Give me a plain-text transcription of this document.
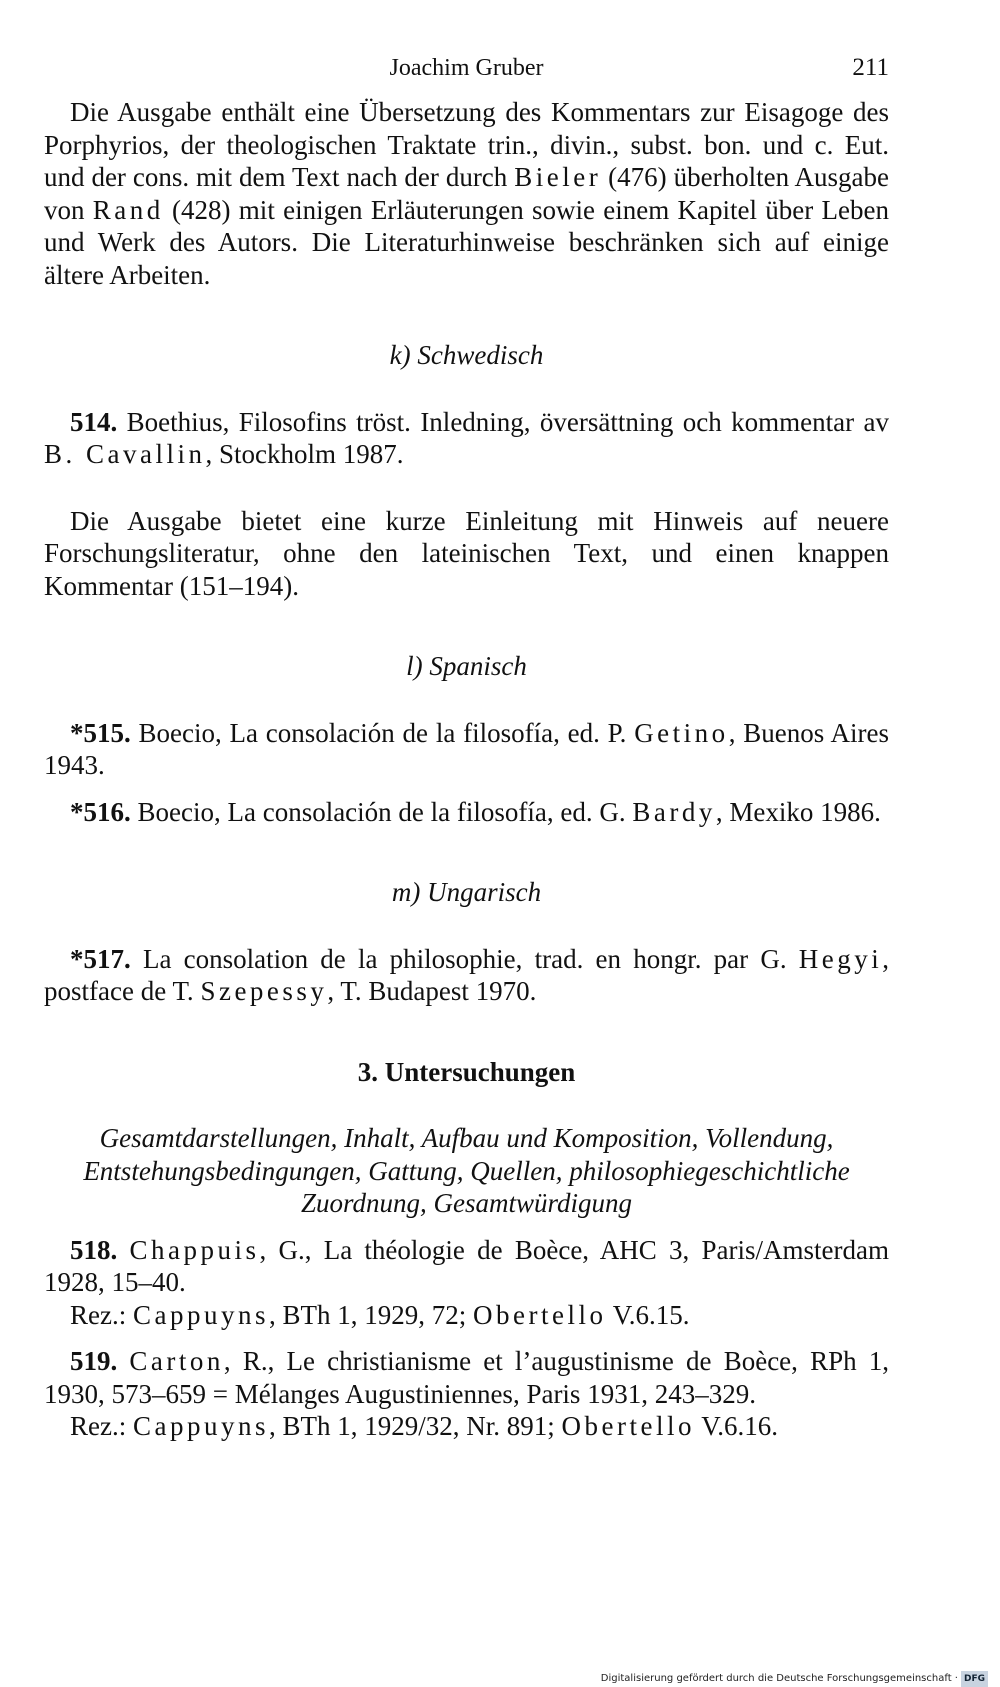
Joachim Gruber	211

Die Ausgabe enthält eine Übersetzung des Kommentars zur Eisagoge des Porphyrios, der theologischen Traktate trin., divin., subst. bon. und c. Eut. und der cons. mit dem Text nach der durch Bieler (476) überholten Ausgabe von Rand (428) mit einigen Erläuterungen sowie einem Kapitel über Leben und Werk des Autors. Die Literaturhinweise beschränken sich auf einige ältere Arbeiten.

k) Schwedisch

514. Boethius, Filosofins tröst. Inledning, översättning och kommentar av B. Cavallin, Stockholm 1987.

Die Ausgabe bietet eine kurze Einleitung mit Hinweis auf neuere Forschungsliteratur, ohne den lateinischen Text, und einen knappen Kommentar (151–194).

l) Spanisch

*515. Boecio, La consolación de la filosofía, ed. P. Getino, Buenos Aires 1943.

*516. Boecio, La consolación de la filosofía, ed. G. Bardy, Mexiko 1986.

m) Ungarisch

*517. La consolation de la philosophie, trad. en hongr. par G. Hegyi, postface de T. Szepessy, T. Budapest 1970.

3. Untersuchungen

Gesamtdarstellungen, Inhalt, Aufbau und Komposition, Vollendung, Entstehungsbedingungen, Gattung, Quellen, philosophiegeschichtliche Zuordnung, Gesamtwürdigung

518. Chappuis, G., La théologie de Boèce, AHC 3, Paris/Amsterdam 1928, 15–40.

Rez.: Cappuyns, BTh 1, 1929, 72; Obertello V.6.15.

519. Carton, R., Le christianisme et l’augustinisme de Boèce, RPh 1, 1930, 573–659 = Mélanges Augustiniennes, Paris 1931, 243–329.

Rez.: Cappuyns, BTh 1, 1929/32, Nr. 891; Obertello V.6.16.

Digitalisierung gefördert durch die Deutsche Forschungsgemeinschaft · DFG
